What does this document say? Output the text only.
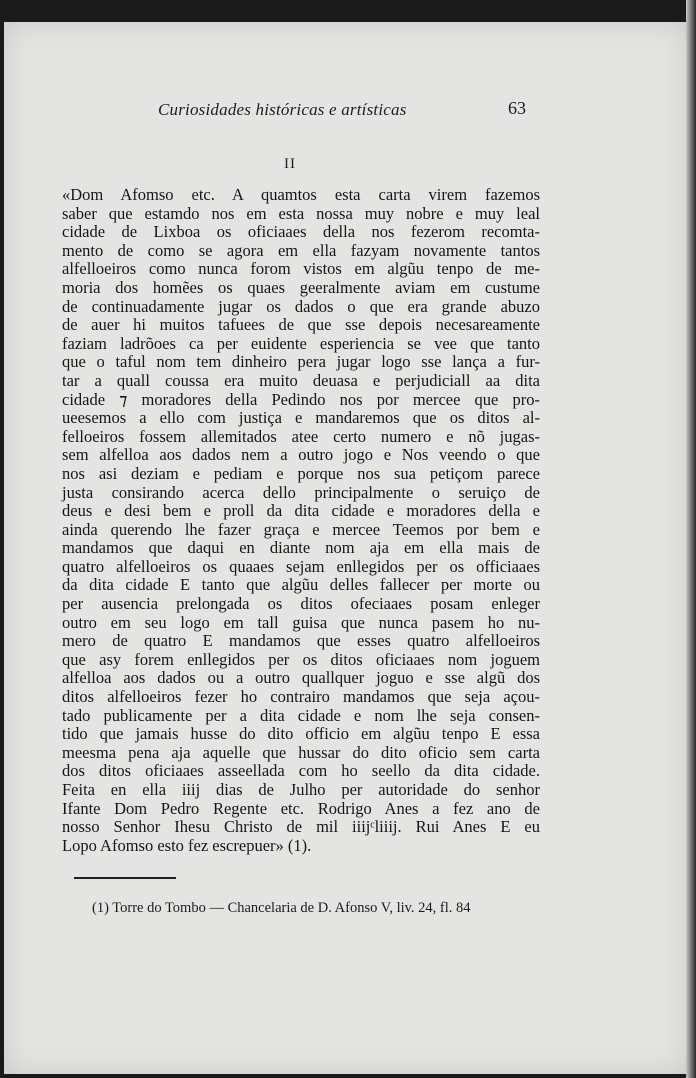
Curiosidades históricas e artísticas	63
II
«Dom Afomso etc. A quamtos esta carta virem fazemos
saber que estamdo nos em esta nossa muy nobre e muy leal
cidade de Lixboa os oficiaaes della nos fezerom recomta-
mento de como se agora em ella fazyam novamente tantos
alfelloeiros como nunca forom vistos em algũu tenpo de me-
moria dos homẽes os quaes geeralmente aviam em custume
de continuadamente jugar os dados o que era grande abuzo
de auer hi muitos tafuees de que sse depois necesareamente
faziam ladrõoes ca per euidente esperiencia se vee que tanto
que o taful nom tem dinheiro pera jugar logo sse lança a fur-
tar a quall coussa era muito deuasa e perjudiciall aa dita
cidade ⁊ moradores della Pedindo nos por mercee que pro-
ueesemos a ello com justiça e mandaremos que os ditos al-
felloeiros fossem allemitados atee certo numero e nõ jugas-
sem alfelloa aos dados nem a outro jogo e Nos veendo o que
nos asi deziam e pediam e porque nos sua petiçom parece
justa consirando acerca dello principalmente o seruiço de
deus e desi bem e proll da dita cidade e moradores della e
ainda querendo lhe fazer graça e mercee Teemos por bem e
mandamos que daqui en diante nom aja em ella mais de
quatro alfelloeiros os quaaes sejam enllegidos per os officiaaes
da dita cidade E tanto que algũu delles fallecer per morte ou
per ausencia prelongada os ditos ofeciaaes posam enleger
outro em seu logo em tall guisa que nunca pasem ho nu-
mero de quatro E mandamos que esses quatro alfelloeiros
que asy forem enllegidos per os ditos oficiaaes nom joguem
alfelloa aos dados ou a outro quallquer joguo e sse algũ dos
ditos alfelloeiros fezer ho contrairo mandamos que seja açou-
tado publicamente per a dita cidade e nom lhe seja consen-
tido que jamais husse do dito officio em algũu tenpo E essa
meesma pena aja aquelle que hussar do dito oficio sem carta
dos ditos oficiaaes asseellada com ho seello da dita cidade.
Feita en ella iiij dias de Julho per autoridade do senhor
Ifante Dom Pedro Regente etc. Rodrigo Anes a fez ano de
nosso Senhor Ihesu Christo de mil iiijᶜliiij. Rui Anes E eu
Lopo Afomso esto fez escrepuer» (1).
(1) Torre do Tombo — Chancelaria de D. Afonso V, liv. 24, fl. 84
